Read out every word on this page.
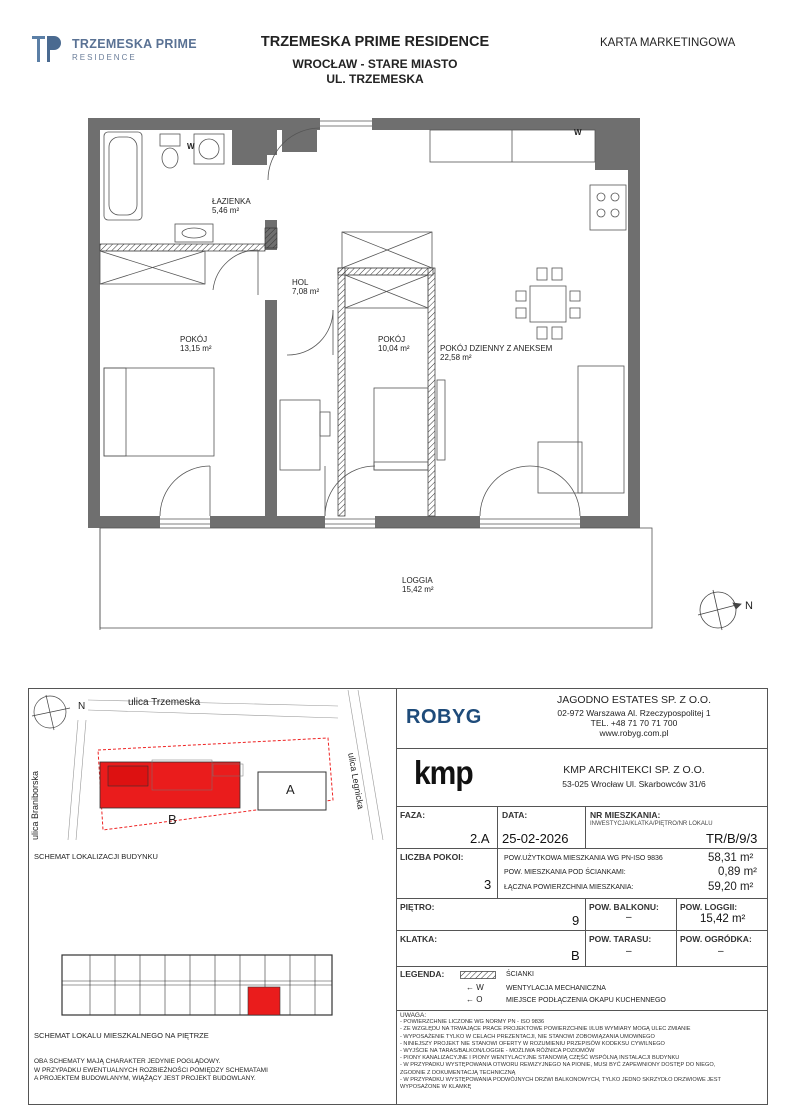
TRZEMESKA PRIME
RESIDENCE
TRZEMESKA PRIME RESIDENCE
WROCŁAW - STARE MIASTO
UL. TRZEMESKA
KARTA MARKETINGOWA
W
W
N
ŁAZIENKA
5,46 m²
HOL
7,08 m²
POKÓJ
13,15 m²
POKÓJ
10,04 m²	POKÓJ DZIENNY Z ANEKSEM
22,58 m²
LOGGIA
15,42 m²
ulica Trzemeska
N
ulica Braniborska	ulica Legnicka
A
B
SCHEMAT LOKALIZACJI BUDYNKU
SCHEMAT LOKALU MIESZKALNEGO NA PIĘTRZE
OBA SCHEMATY MAJĄ CHARAKTER JEDYNIE POGLĄDOWY.
W PRZYPADKU EWENTUALNYCH ROZBIEŻNOŚCI POMIĘDZY SCHEMATAMI
A PROJEKTEM BUDOWLANYM, WIĄŻĄCY JEST PROJEKT BUDOWLANY.
ROBYG
JAGODNO ESTATES SP. Z O.O.
02-972 Warszawa Al. Rzeczypospolitej 1
TEL. +48 71 70 71 700
www.robyg.com.pl
kmp	KMP ARCHITEKCI SP. Z O.O.
53-025 Wrocław Ul. Skarbowców 31/6
FAZA:
2.A
DATA:
25-02-2026
NR MIESZKANIA:
INWESTYCJA/KLATKA/PIĘTRO/NR LOKALU
TR/B/9/3
LICZBA POKOI:
3
POW.UŻYTKOWA MIESZKANIA WG PN-ISO 9836	58,31 m²
POW. MIESZKANIA POD ŚCIANKAMI:	0,89 m²
ŁĄCZNA POWIERZCHNIA MIESZKANIA:	59,20 m²
PIĘTRO:
9
POW. BALKONU:
–
POW. LOGGII:
15,42 m²
KLATKA:
B
POW. TARASU:
–
POW. OGRÓDKA:
–
LEGENDA:	ŚCIANKI
← W	WENTYLACJA MECHANICZNA
← O	MIEJSCE PODŁĄCZENIA OKAPU KUCHENNEGO
UWAGA:
- POWIERZCHNIE LICZONE WG NORMY PN - ISO 9836
- ZE WZGLĘDU NA TRWAJĄCE PRACE PROJEKTOWE POWIERZCHNIE I/LUB WYMIARY MOGĄ ULEC ZMIANIE
- WYPOSAŻENIE TYLKO W CELACH PREZENTACJI, NIE STANOWI ZOBOWIĄZANIA UMOWNEGO
- NINIEJSZY PROJEKT NIE STANOWI OFERTY W ROZUMIENIU PRZEPISÓW KODEKSU CYWILNEGO
- WYJŚCIE NA TARAS/BALKON/LOGGIE - MOŻLIWA RÓŻNICA POZIOMÓW
- PIONY KANALIZACYJNE I PIONY WENTYLACYJNE STANOWIĄ CZĘŚĆ WSPÓLNĄ INSTALACJI BUDYNKU
- W PRZYPADKU WYSTĘPOWANIA OTWORU REWIZYJNEGO NA PIONIE, MUSI BYĆ ZAPEWNIONY DOSTĘP DO NIEGO,
ZGODNIE Z DOKUMENTACJĄ TECHNICZNĄ
- W PRZYPADKU WYSTĘPOWANIA PODWÓJNYCH DRZWI BALKONOWYCH, TYLKO JEDNO SKRZYDŁO DRZWIOWE JEST
WYPOSAŻONE W KLAMKĘ
